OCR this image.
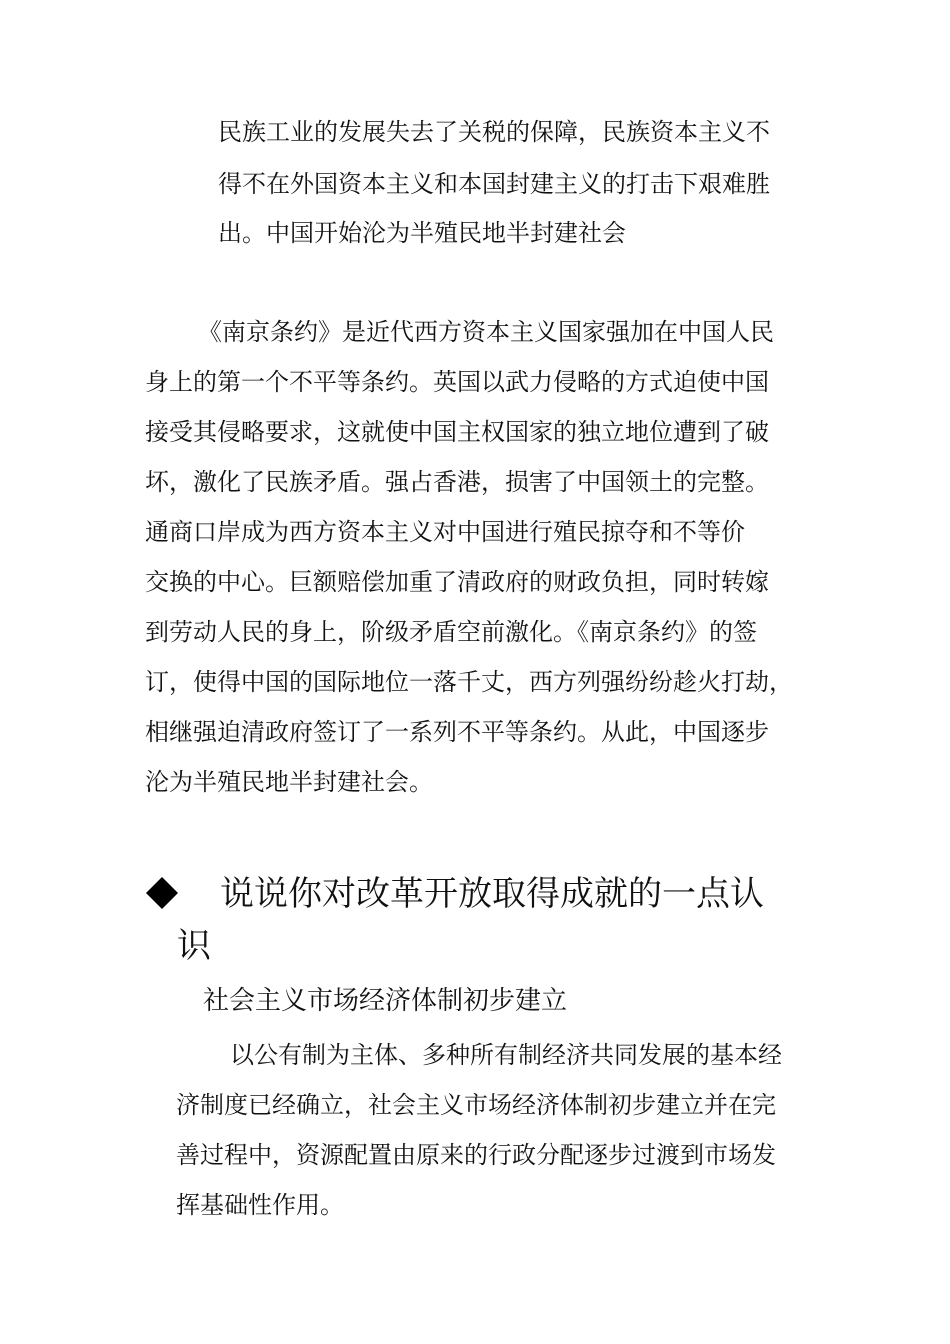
民族工业的发展失去了关税的保障，民族资本主义不
得不在外国资本主义和本国封建主义的打击下艰难胜
出。中国开始沦为半殖民地半封建社会
《南京条约》是近代西方资本主义国家强加在中国人民
身上的第一个不平等条约。英国以武力侵略的方式迫使中国
接受其侵略要求，这就使中国主权国家的独立地位遭到了破
坏，激化了民族矛盾。强占香港，损害了中国领土的完整。
通商口岸成为西方资本主义对中国进行殖民掠夺和不等价
交换的中心。巨额赔偿加重了清政府的财政负担，同时转嫁
到劳动人民的身上，阶级矛盾空前激化。《南京条约》的签
订，使得中国的国际地位一落千丈，西方列强纷纷趁火打劫，
相继强迫清政府签订了一系列不平等条约。从此，中国逐步
沦为半殖民地半封建社会。
说说你对改革开放取得成就的一点认
识
社会主义市场经济体制初步建立
以公有制为主体、多种所有制经济共同发展的基本经
济制度已经确立，社会主义市场经济体制初步建立并在完
善过程中，资源配置由原来的行政分配逐步过渡到市场发
挥基础性作用。
